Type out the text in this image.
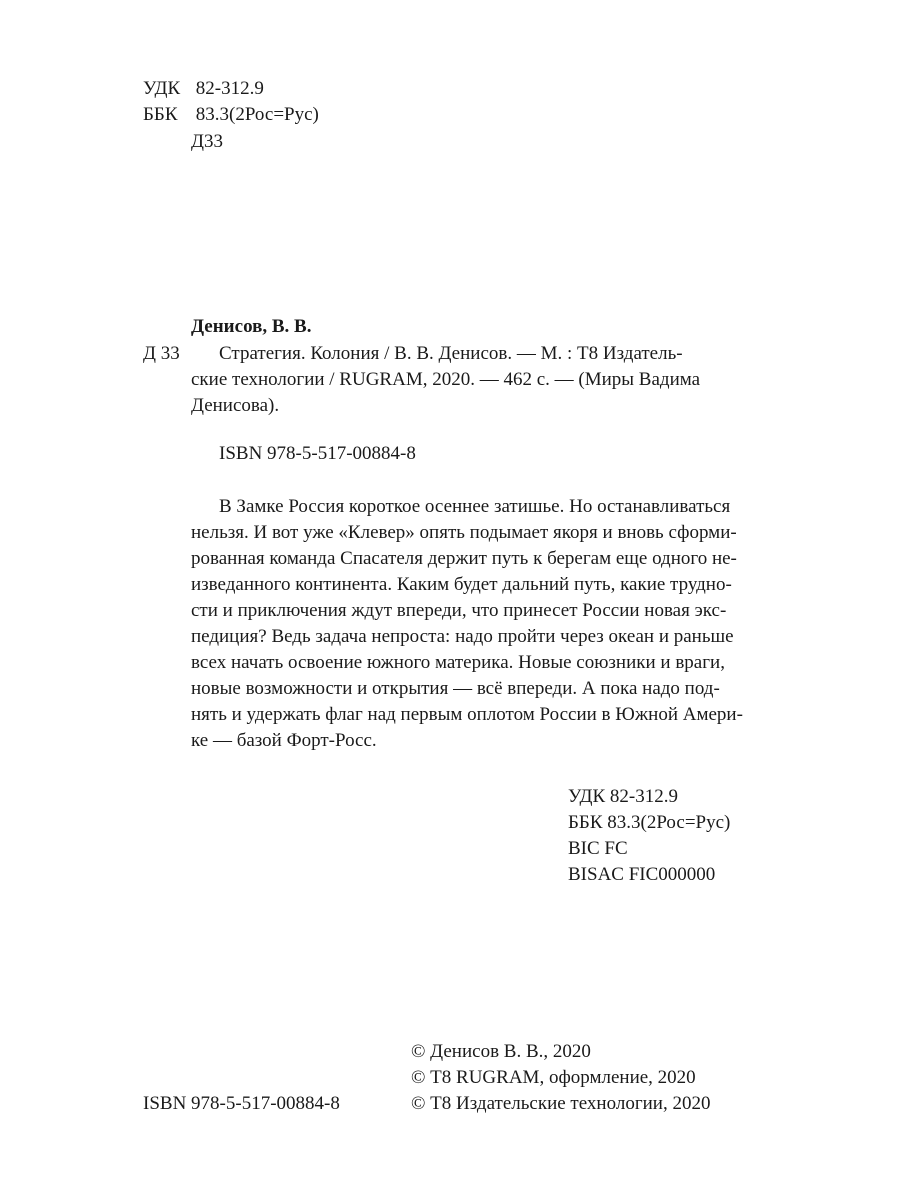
УДК 82-312.9
ББК 83.3(2Рос=Рус)
Д33
Денисов, В. В.
Д 33 Стратегия. Колония / В. В. Денисов. — М. : Т8 Издатель-
ские технологии / RUGRAM, 2020. — 462 с. — (Миры Вадима
Денисова).
ISBN 978-5-517-00884-8
В Замке Россия короткое осеннее затишье. Но останавливаться
нельзя. И вот уже «Клевер» опять подымает якоря и вновь сформи-
рованная команда Спасателя держит путь к берегам еще одного не-
изведанного континента. Каким будет дальний путь, какие трудно-
сти и приключения ждут впереди, что принесет России новая экс-
педиция? Ведь задача непроста: надо пройти через океан и раньше
всех начать освоение южного материка. Новые союзники и враги,
новые возможности и открытия — всё впереди. А пока надо под-
нять и удержать флаг над первым оплотом России в Южной Амери-
ке — базой Форт-Росс.
УДК 82-312.9
ББК 83.3(2Рос=Рус)
BIC FC
BISAC FIC000000
© Денисов В. В., 2020
© Т8 RUGRAM, оформление, 2020
ISBN 978-5-517-00884-8	© Т8 Издательские технологии, 2020
